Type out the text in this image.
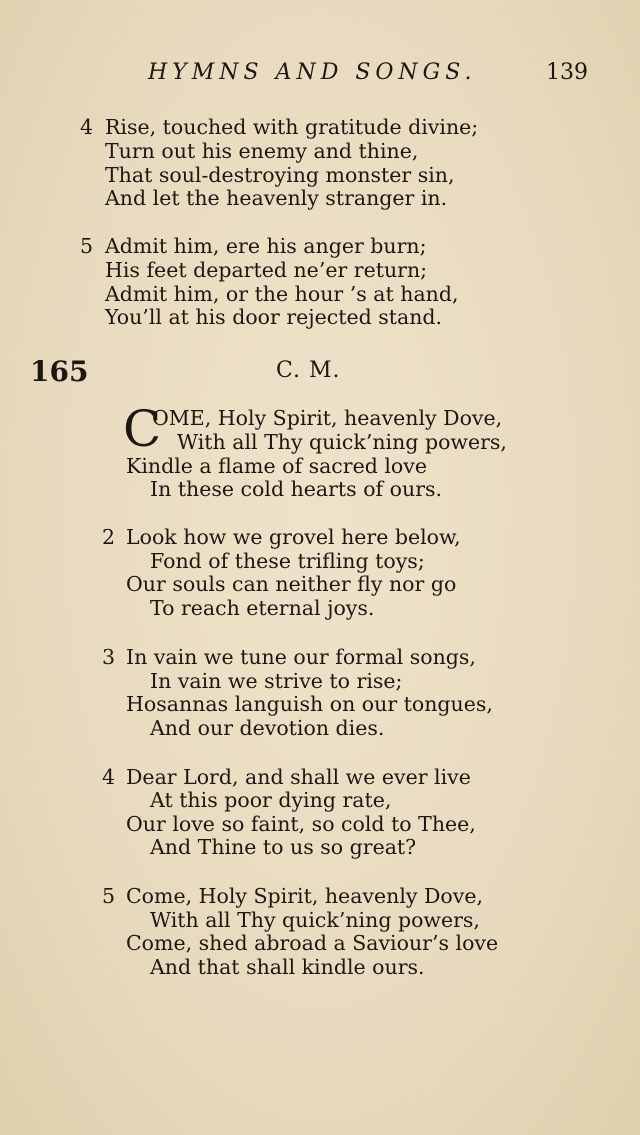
HYMNS AND SONGS.	139
4 Rise, touched with gratitude divine;
Turn out his enemy and thine,
That soul-destroying monster sin,
And let the heavenly stranger in.
5 Admit him, ere his anger burn;
His feet departed ne’er return;
Admit him, or the hour ’s at hand,
You’ll at his door rejected stand.
165	C. M.
C
OME, Holy Spirit, heavenly Dove,
With all Thy quick’ning powers,
Kindle a flame of sacred love
In these cold hearts of ours.
2 Look how we grovel here below,
Fond of these trifling toys;
Our souls can neither fly nor go
To reach eternal joys.
3 In vain we tune our formal songs,
In vain we strive to rise;
Hosannas languish on our tongues,
And our devotion dies.
4 Dear Lord, and shall we ever live
At this poor dying rate,
Our love so faint, so cold to Thee,
And Thine to us so great?
5 Come, Holy Spirit, heavenly Dove,
With all Thy quick’ning powers,
Come, shed abroad a Saviour’s love
And that shall kindle ours.
